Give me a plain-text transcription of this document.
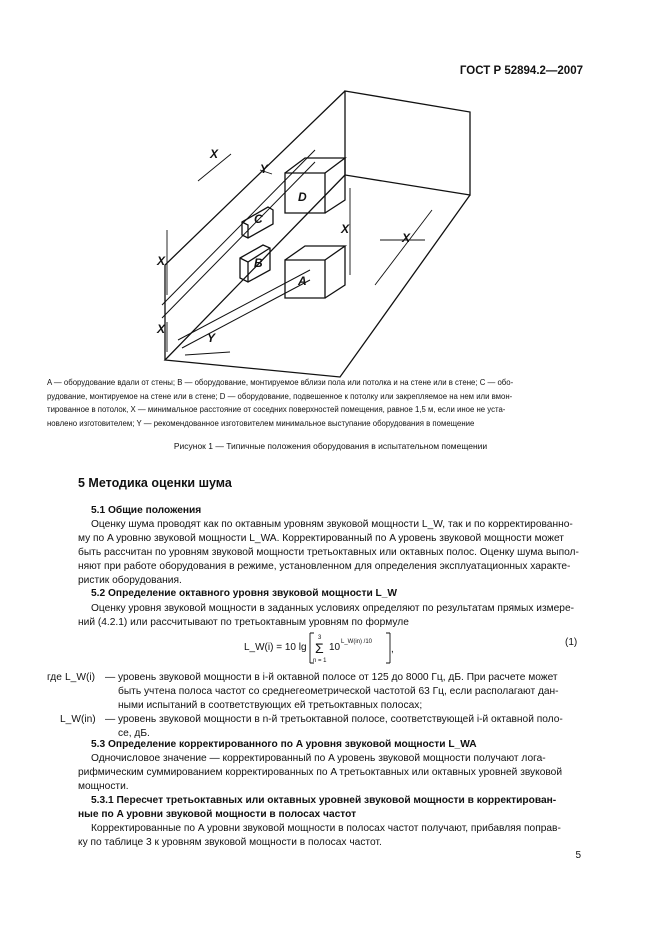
ГОСТ Р 52894.2—2007
D
A
B
C
X
X
X
X
X
Y
Y
A — оборудование вдали от стены; B — оборудование, монтируемое вблизи пола или потолка и на стене или в стене; C — обо-
рудование, монтируемое на стене или в стене; D — оборудование, подвешенное к потолку или закрепляемое на нем или вмон-
тированное в потолок, X — минимальное расстояние от соседних поверхностей помещения, равное 1,5 м, если иное не уста-
новлено изготовителем; Y — рекомендованное изготовителем минимальное выступание оборудования в помещение
Рисунок 1 — Типичные положения оборудования в испытательном помещении
5 Методика оценки шума
5.1 Общие положения
Оценку шума проводят как по октавным уровням звуковой мощности L_W, так и по корректированно-
му по A уровню звуковой мощности L_WA. Корректированный по A уровень звуковой мощности может
быть рассчитан по уровням звуковой мощности третьоктавных или октавных полос. Оценку шума выпол-
няют при работе оборудования в режиме, установленном для определения эксплуатационных характе-
ристик оборудования.
5.2 Определение октавного уровня звуковой мощности L_W
Оценку уровня звуковой мощности в заданных условиях определяют по результатам прямых измере-
ний (4.2.1) или рассчитывают по третьоктавным уровням по формуле
L_W(i) = 10 lg
3
Σ
n = 1
10 L_W(in) /10
,
(1)
где L_W(i) — уровень звуковой мощности в i-й октавной полосе от 125 до 8000 Гц, дБ. При расчете может
быть учтена полоса частот со среднегеометрической частотой 63 Гц, если располагают дан-
ными испытаний в соответствующих ей третьоктавных полосах;
L_W(in) — уровень звуковой мощности в n-й третьоктавной полосе, соответствующей i-й октавной поло-
се, дБ.
5.3 Определение корректированного по A уровня звуковой мощности L_WA
Одночисловое значение — корректированный по A уровень звуковой мощности получают лога-
рифмическим суммированием корректированных по A третьоктавных или октавных уровней звуковой
мощности.
5.3.1 Пересчет третьоктавных или октавных уровней звуковой мощности в корректирован-
ные по A уровни звуковой мощности в полосах частот
Корректированные по A уровни звуковой мощности в полосах частот получают, прибавляя поправ-
ку по таблице 3 к уровням звуковой мощности в полосах частот.
5
